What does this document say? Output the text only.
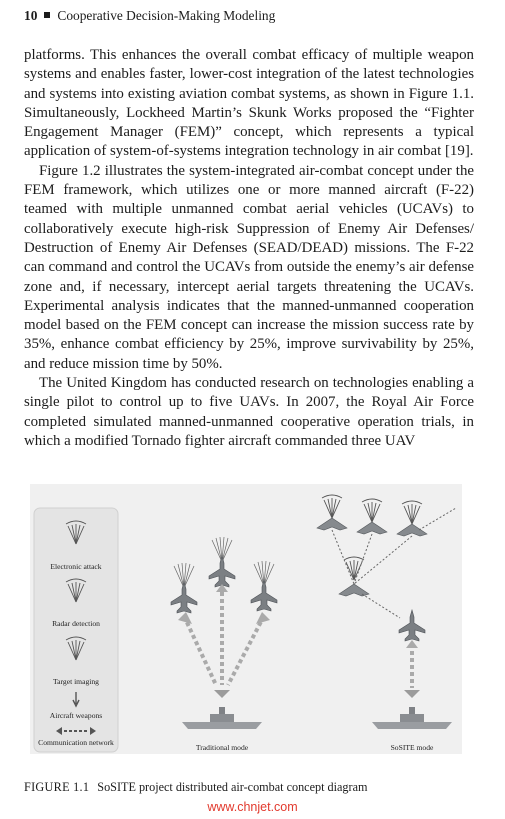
10 Cooperative Decision-Making Modeling

platforms. This enhances the overall combat efficacy of multiple weapon systems and enables faster, lower-cost integration of the latest technologies and systems into existing aviation combat systems, as shown in Figure 1.1. Simultaneously, Lockheed Martin’s Skunk Works proposed the “Fighter Engagement Manager (FEM)” concept, which represents a typical application of system-of-systems integration technology in air combat [19].

Figure 1.2 illustrates the system-integrated air-combat concept under the FEM framework, which utilizes one or more manned aircraft (F-22) teamed with multiple unmanned combat aerial vehicles (UCAVs) to collaboratively execute high-risk Suppression of Enemy Air Defenses/ Destruction of Enemy Air Defenses (SEAD/DEAD) missions. The F-22 can command and control the UCAVs from outside the enemy’s air defense zone and, if necessary, intercept aerial targets threatening the UCAVs. Experimental analysis indicates that the manned-unmanned cooperation model based on the FEM concept can increase the mission success rate by 35%, enhance combat efficiency by 25%, improve survivability by 25%, and reduce mission time by 50%.

The United Kingdom has conducted research on technologies enabling a single pilot to control up to five UAVs. In 2007, the Royal Air Force completed simulated manned-unmanned cooperative operation trials, in which a modified Tornado fighter aircraft commanded three UAV

Electronic attack
Radar detection
Target imaging
Aircraft weapons
Communication network
Traditional mode	SoSITE mode
FIGURE 1.1 SoSITE project distributed air-combat concept diagram
www.chnjet.com
